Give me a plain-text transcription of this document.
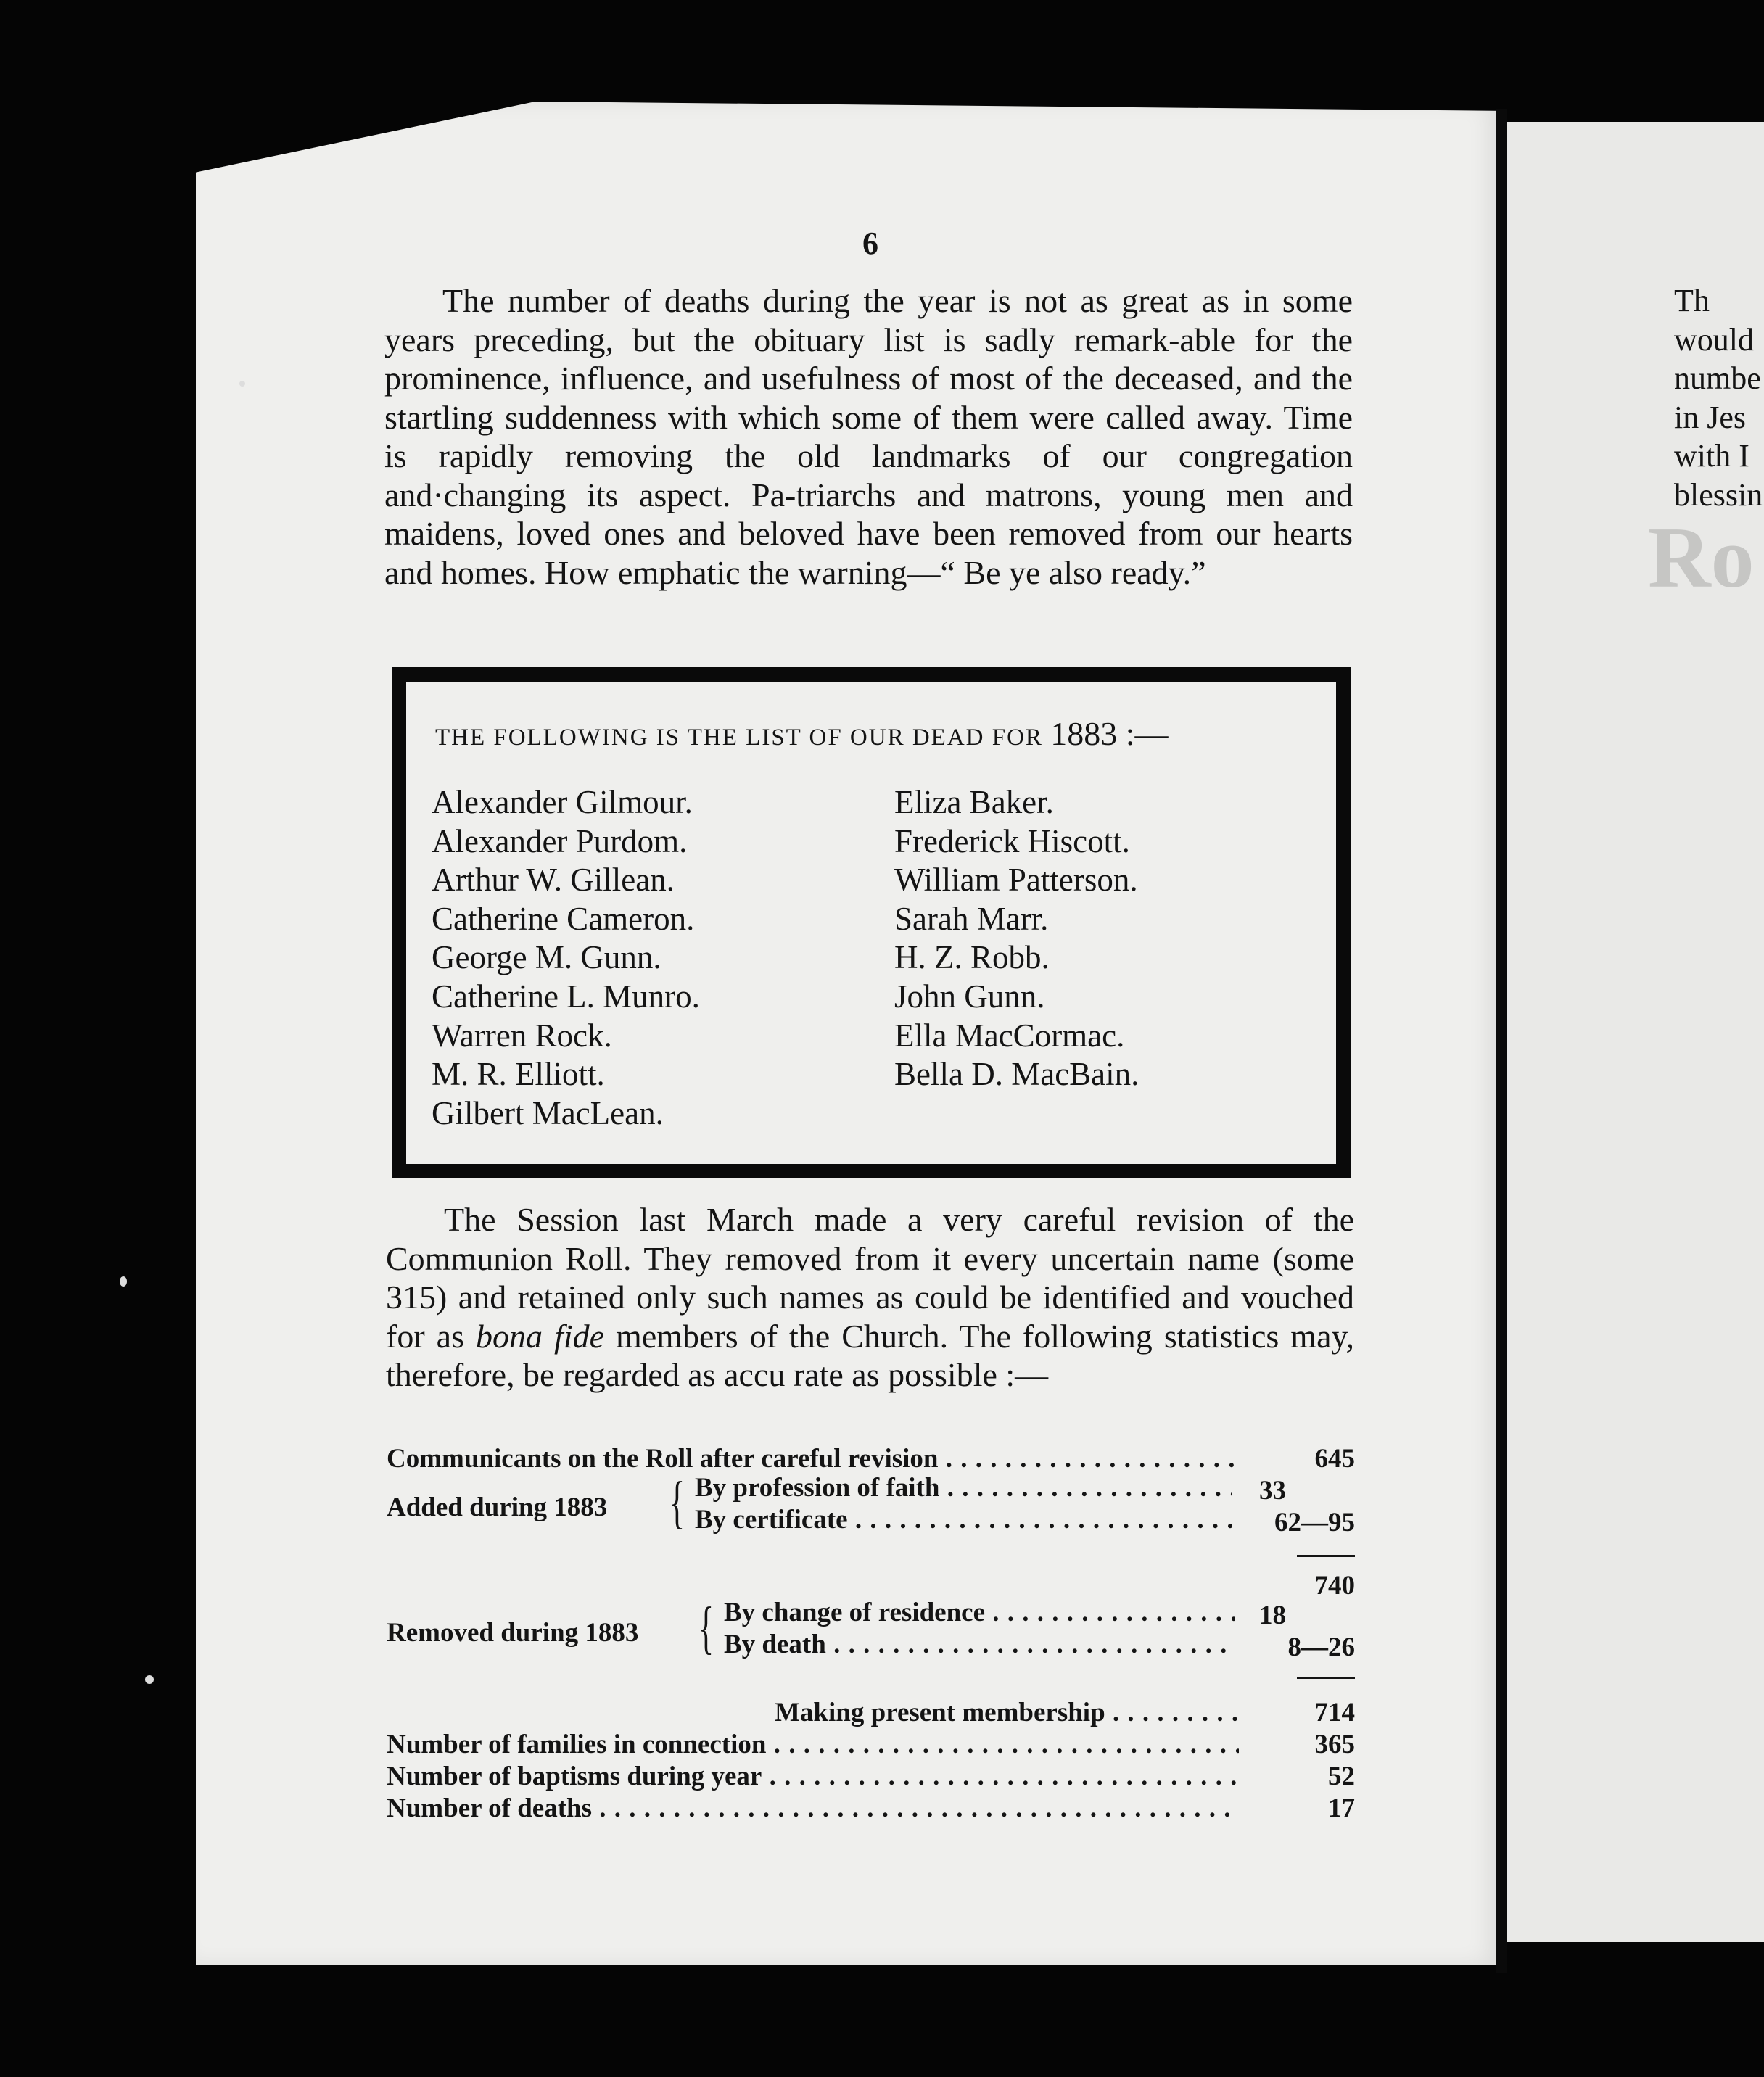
Ro
6

The number of deaths during the year is not as great as in some years preceding, but the obituary list is sadly remark-able for the prominence, influence, and usefulness of most of the deceased, and the startling suddenness with which some of them were called away. Time is rapidly removing the old landmarks of our congregation and·changing its aspect. Pa-triarchs and matrons, young men and maidens, loved ones and beloved have been removed from our hearts and homes. How emphatic the warning—“ Be ye also ready.”

THE FOLLOWING IS THE LIST OF OUR DEAD FOR 1883 :—
Alexander Gilmour.
Alexander Purdom.
Arthur W. Gillean.
Catherine Cameron.
George M. Gunn.
Catherine L. Munro.
Warren Rock.
M. R. Elliott.
Gilbert MacLean.
Eliza Baker.
Frederick Hiscott.
William Patterson.
Sarah Marr.
H. Z. Robb.
John Gunn.
Ella MacCormac.
Bella D. MacBain.

The Session last March made a very careful revision of the Communion Roll. They removed from it every uncertain name (some 315) and retained only such names as could be identified and vouched for as bona fide members of the Church. The following statistics may, therefore, be regarded as accu rate as possible :—

Communicants on the Roll after careful revision . . .	645
Added during 1883 { By profession of faith . . .	33
By certificate . . .	62—95
740
Removed during 1883 { By change of residence . . .	18
By death . . .	8—26
Making present membership . . .	714
Number of families in connection . . .	365
Number of baptisms during year . . .	52
Number of deaths . . .	17
Th
would
numbe
in Jes
with I
blessin
